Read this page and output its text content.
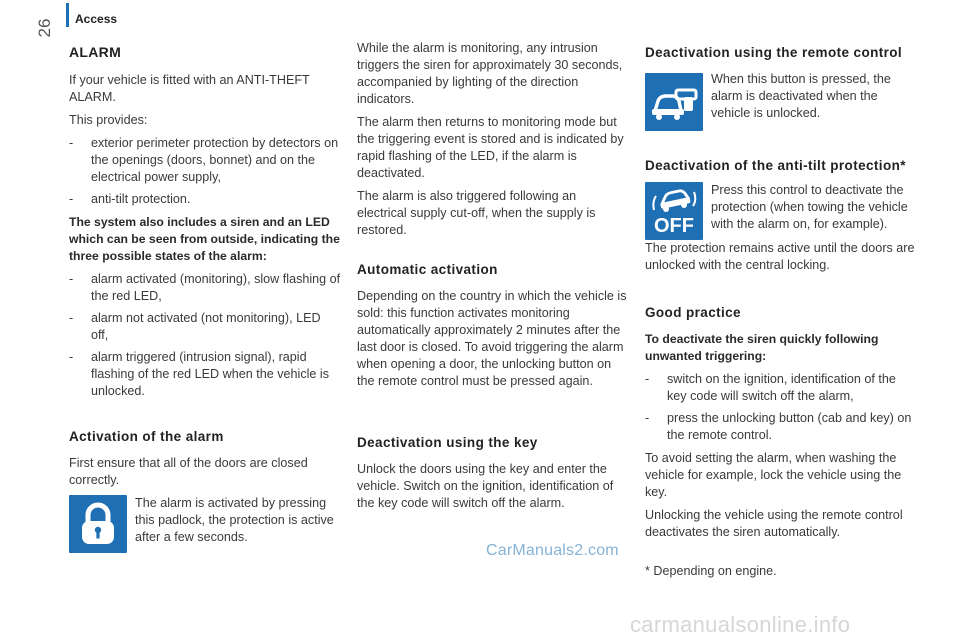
Access
26
ALARM

If your vehicle is fitted with an ANTI-THEFT ALARM.

This provides:

- exterior perimeter protection by detectors on the openings (doors, bonnet) and on the electrical power supply,
- anti-tilt protection.

The system also includes a siren and an LED which can be seen from outside, indicating the three possible states of the alarm:

- alarm activated (monitoring), slow flashing of the red LED,
- alarm not activated (not monitoring), LED off,
- alarm triggered (intrusion signal), rapid flashing of the red LED when the vehicle is unlocked.
Activation of the alarm

First ensure that all of the doors are closed correctly.

The alarm is activated by pressing this padlock, the protection is active after a few seconds.

While the alarm is monitoring, any intrusion triggers the siren for approximately 30 seconds, accompanied by lighting of the direction indicators.

The alarm then returns to monitoring mode but the triggering event is stored and is indicated by rapid flashing of the LED, if the alarm is deactivated.

The alarm is also triggered following an electrical supply cut-off, when the supply is restored.

Automatic activation

Depending on the country in which the vehicle is sold: this function activates monitoring automatically approximately 2 minutes after the last door is closed. To avoid triggering the alarm when opening a door, the unlocking button on the remote control must be pressed again.

Deactivation using the key

Unlock the doors using the key and enter the vehicle. Switch on the ignition, identification of the key code will switch off the alarm.

Deactivation using the remote control

When this button is pressed, the alarm is deactivated when the vehicle is unlocked.

Deactivation of the anti-tilt protection*
OFF

Press this control to deactivate the protection (when towing the vehicle with the alarm on, for example).

The protection remains active until the doors are unlocked with the central locking.

Good practice

To deactivate the siren quickly following unwanted triggering:

- switch on the ignition, identification of the key code will switch off the alarm,
- press the unlocking button (cab and key) on the remote control.

To avoid setting the alarm, when washing the vehicle for example, lock the vehicle using the key.

Unlocking the vehicle using the remote control deactivates the siren automatically.

* Depending on engine.

CarManuals2.com
carmanualsonline.info
